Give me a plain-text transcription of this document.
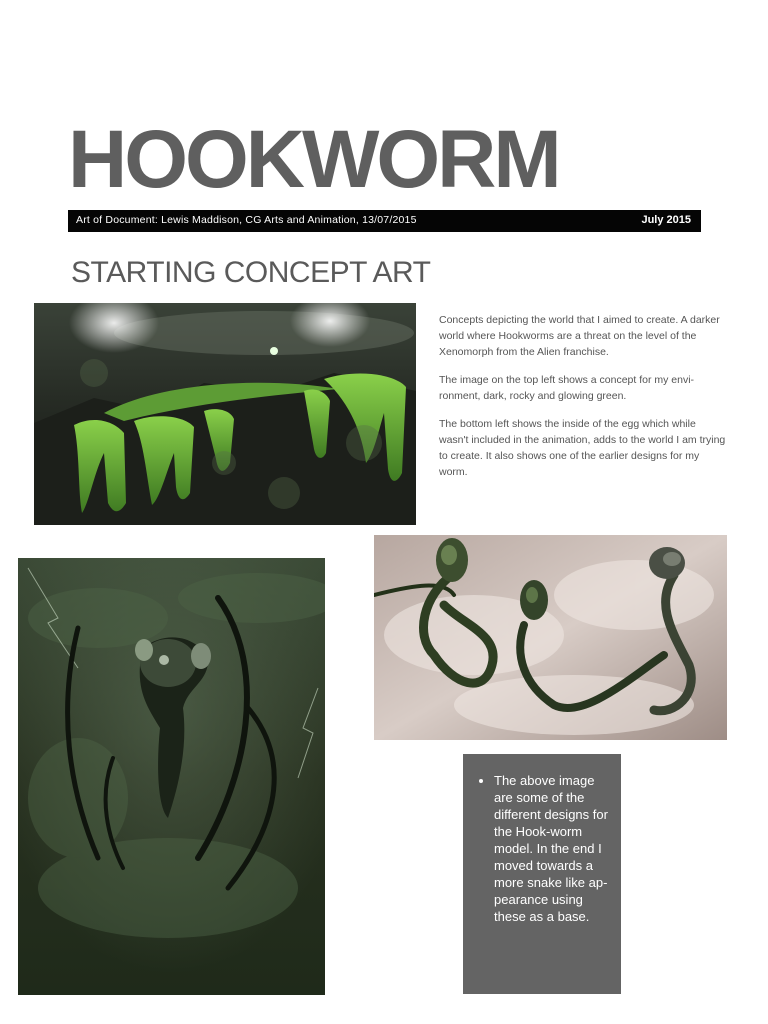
HOOKWORM
Art of Document: Lewis Maddison, CG Arts and Animation, 13/07/2015	July 2015
STARTING CONCEPT ART

Concepts depicting the world that I aimed to create. A darker world where Hookworms are a threat on the level of the Xenomorph from the Alien franchise.

The image on the top left shows a concept for my envi-ronment, dark, rocky and glowing green.

The bottom left shows the inside of the egg which while wasn't included in the animation, adds to the world I am trying to create. It also shows one of the earlier designs for my worm.

• The above image are some of the different designs for the Hook-worm model. In the end I moved towards a more snake like ap-pearance using these as a base.
